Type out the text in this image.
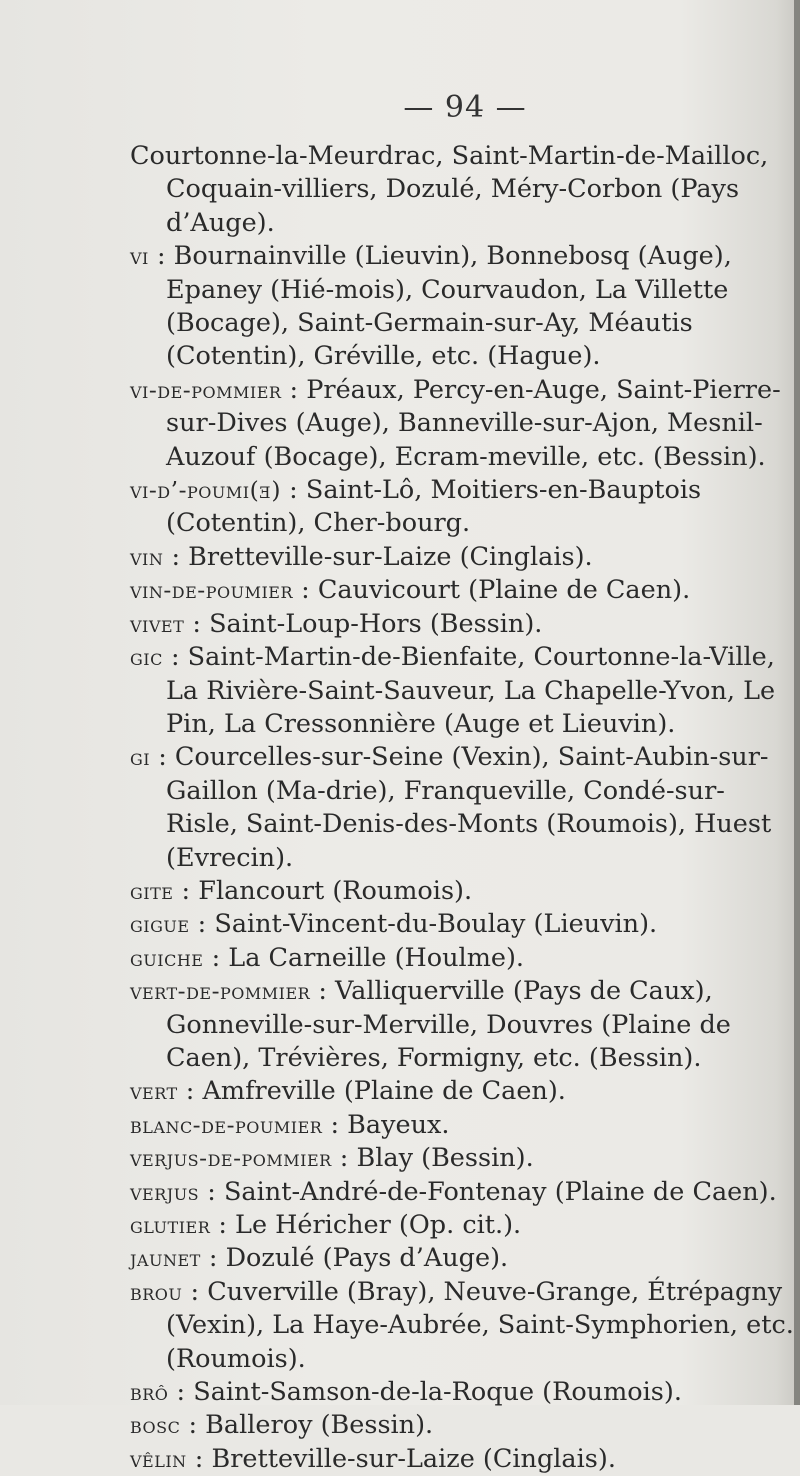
— 94 —

Courtonne-la-Meurdrac, Saint-Martin-de-Mailloc, Coquain-villiers, Dozulé, Méry-Corbon (Pays d’Auge).

vi : Bournainville (Lieuvin), Bonnebosq (Auge), Epaney (Hié-mois), Courvaudon, La Villette (Bocage), Saint-Germain-sur-Ay, Méautis (Cotentin), Gréville, etc. (Hague).

vi-de-pommier : Préaux, Percy-en-Auge, Saint-Pierre-sur-Dives (Auge), Banneville-sur-Ajon, Mesnil-Auzouf (Bocage), Ecram-meville, etc. (Bessin).

vi-d’-poumi(ǝ) : Saint-Lô, Moitiers-en-Bauptois (Cotentin), Cher-bourg.

vin : Bretteville-sur-Laize (Cinglais).

vin-de-poumier : Cauvicourt (Plaine de Caen).

vivet : Saint-Loup-Hors (Bessin).

gic : Saint-Martin-de-Bienfaite, Courtonne-la-Ville, La Rivière-Saint-Sauveur, La Chapelle-Yvon, Le Pin, La Cressonnière (Auge et Lieuvin).

gi : Courcelles-sur-Seine (Vexin), Saint-Aubin-sur-Gaillon (Ma-drie), Franqueville, Condé-sur-Risle, Saint-Denis-des-Monts (Roumois), Huest (Evrecin).

gite : Flancourt (Roumois).

gigue : Saint-Vincent-du-Boulay (Lieuvin).

guiche : La Carneille (Houlme).

vert-de-pommier : Valliquerville (Pays de Caux), Gonneville-sur-Merville, Douvres (Plaine de Caen), Trévières, Formigny, etc. (Bessin).

vert : Amfreville (Plaine de Caen).

blanc-de-poumier : Bayeux.

verjus-de-pommier : Blay (Bessin).

verjus : Saint-André-de-Fontenay (Plaine de Caen).

glutier : Le Héricher (Op. cit.).

jaunet : Dozulé (Pays d’Auge).

brou : Cuverville (Bray), Neuve-Grange, Étrépagny (Vexin), La Haye-Aubrée, Saint-Symphorien, etc. (Roumois).

brô : Saint-Samson-de-la-Roque (Roumois).

bosc : Balleroy (Bessin).

vêlin : Bretteville-sur-Laize (Cinglais).
